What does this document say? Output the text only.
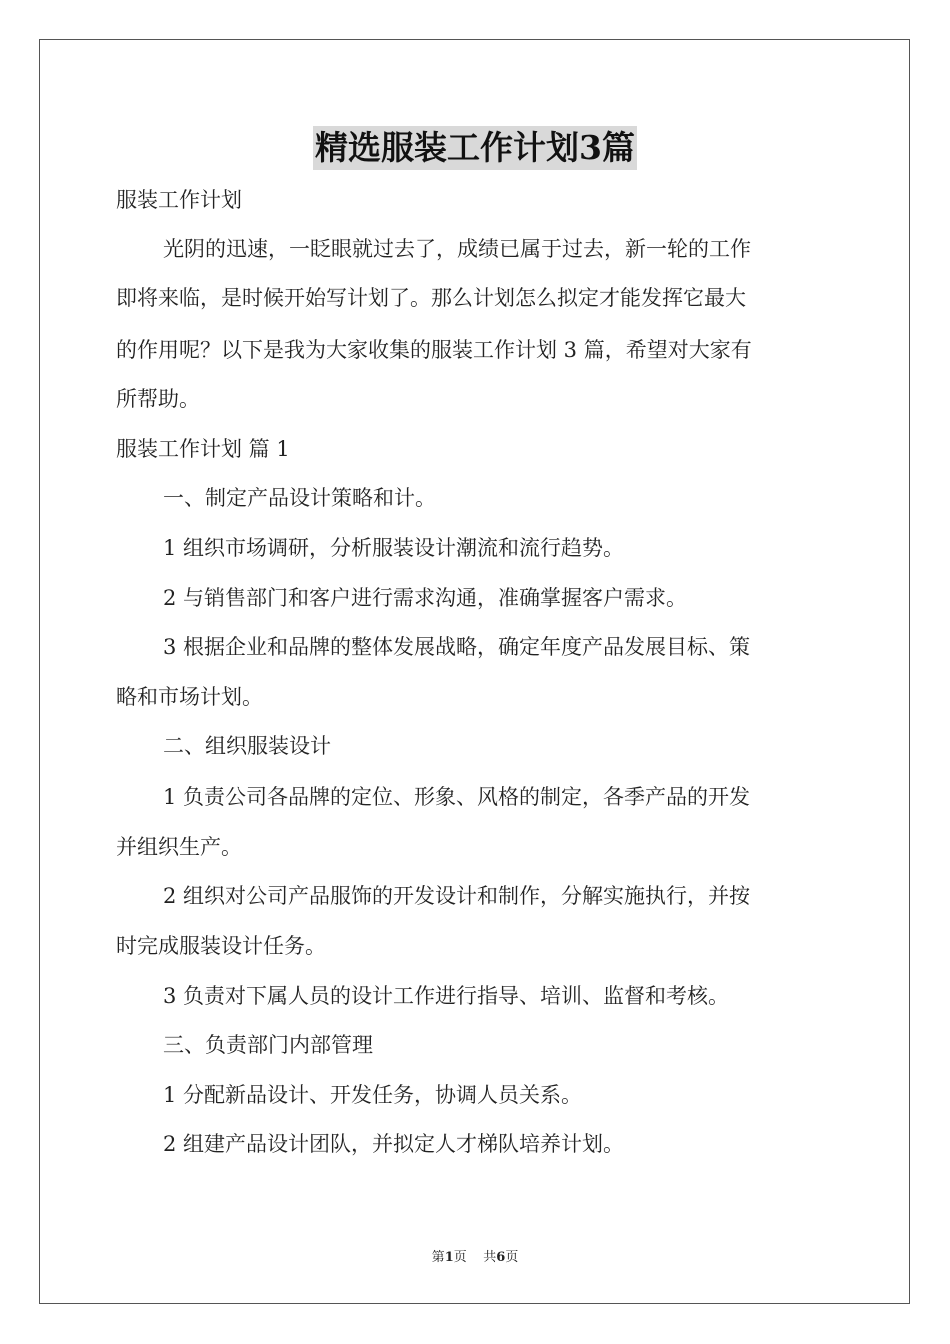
精选服装工作计划3篇

服装工作计划

光阴的迅速，一眨眼就过去了，成绩已属于过去，新一轮的工作

即将来临，是时候开始写计划了。那么计划怎么拟定才能发挥它最大

的作用呢？以下是我为大家收集的服装工作计划 3 篇，希望对大家有

所帮助。

服装工作计划 篇 1

一、制定产品设计策略和计。

1 组织市场调研，分析服装设计潮流和流行趋势。

2 与销售部门和客户进行需求沟通，准确掌握客户需求。

3 根据企业和品牌的整体发展战略，确定年度产品发展目标、策

略和市场计划。

二、组织服装设计

1 负责公司各品牌的定位、形象、风格的制定，各季产品的开发

并组织生产。

2 组织对公司产品服饰的开发设计和制作，分解实施执行，并按

时完成服装设计任务。

3 负责对下属人员的设计工作进行指导、培训、监督和考核。

三、负责部门内部管理

1 分配新品设计、开发任务，协调人员关系。

2 组建产品设计团队，并拟定人才梯队培养计划。

第1页    共6页
